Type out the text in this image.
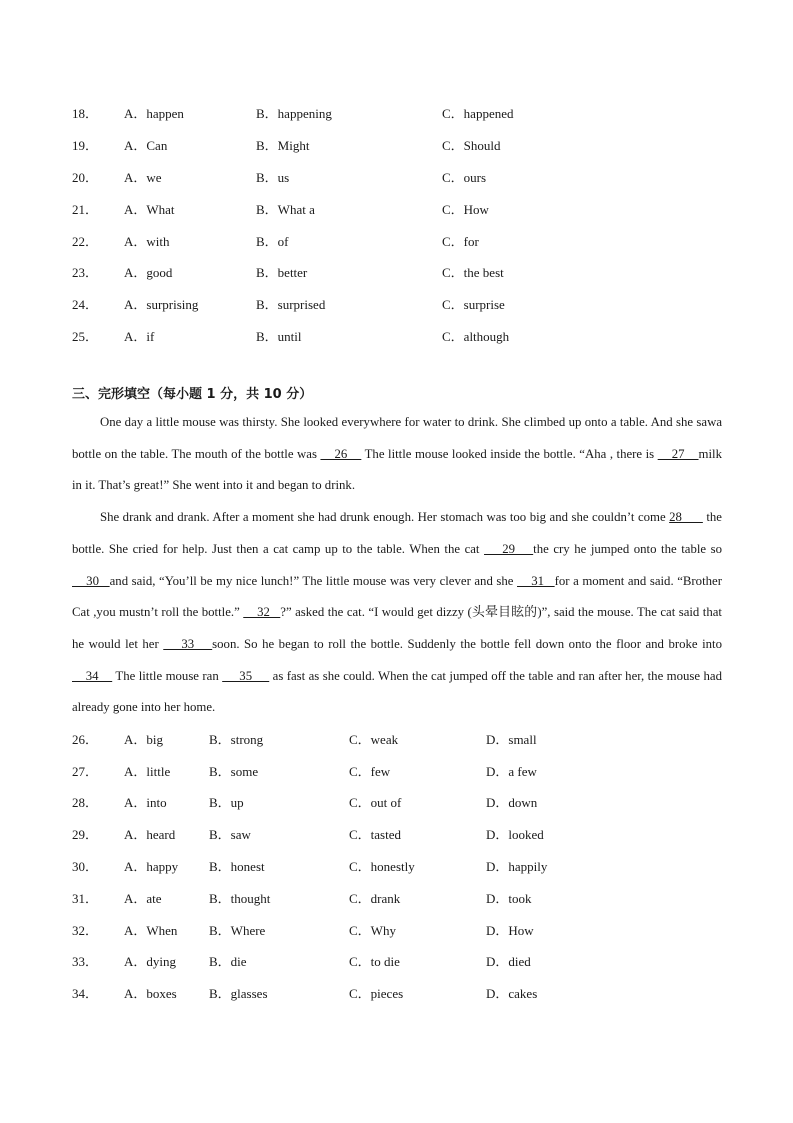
18． A．happen	B．happening	C．happened
19． A．Can	B．Might	C．Should
20． A．we	B．us	C．ours
21． A．What	B．What a	C．How
22． A．with	B．of	C．for
23． A．good	B．better	C．the best
24． A．surprising	B．surprised	C．surprise
25． A．if	B．until	C．although
三、完形填空（每小题 1 分，共 10 分）

One day a little mouse was thirsty. She looked everywhere for water to drink. She climbed up onto a table. And she sawa bottle on the table. The mouth of the bottle was     26     The little mouse looked inside the bottle. “Aha , there is     27    milk in it. That’s great!” She went into it and began to drink.

She drank and drank. After a moment she had drunk enough. Her stomach was too big and she couldn’t come 28       the bottle. She cried for help. Just then a cat camp up to the table. When the cat     29    the cry he jumped onto the table so     30   and said, “You’ll be my nice lunch!” The little mouse was very clever and she     31   for a moment and said. “Brother Cat ,you mustn’t roll the bottle.”     32   ?” asked the cat. “I would get dizzy (头晕目眩的)”, said the mouse. The cat said that he would let her     33    soon. So he began to roll the bottle. Suddenly the bottle fell down onto the floor and broke into     34     The little mouse ran      35      as fast as she could. When the cat jumped off the table and ran after her, the mouse had already gone into her home.

26． A．big	B．strong	C．weak	D．small
27． A．little	B．some	C．few	D．a few
28． A．into	B．up	C．out of	D．down
29． A．heard	B．saw	C．tasted	D．looked
30． A．happy B．honest	C．honestly	D．happily
31． A．ate	B．thought	C．drank	D．took
32． A．When B．Where	C．Why	D．How
33． A．dying	B．die	C．to die	D．died
34． A．boxes B．glasses	C．pieces	D．cakes
